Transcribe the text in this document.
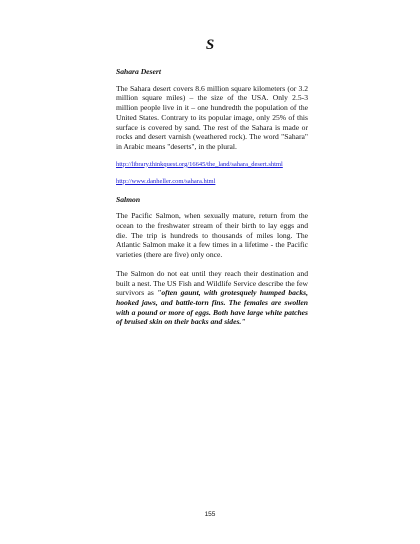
S
Sahara Desert
The Sahara desert covers 8.6 million square kilometers (or 3.2 million square miles) – the size of the USA. Only 2.5-3 million people live in it – one hundredth the population of the United States. Contrary to its popular image, only 25% of this surface is covered by sand. The rest of the Sahara is made or rocks and desert varnish (weathered rock). The word "Sahara" in Arabic means "deserts", in the plural.
http://library.thinkquest.org/16645/the_land/sahara_desert.shtml
http://www.danheller.com/sahara.html
Salmon
The Pacific Salmon, when sexually mature, return from the ocean to the freshwater stream of their birth to lay eggs and die. The trip is hundreds to thousands of miles long. The Atlantic Salmon make it a few times in a lifetime - the Pacific varieties (there are five) only once.
The Salmon do not eat until they reach their destination and built a nest. The US Fish and Wildlife Service describe the few survivors as "often gaunt, with grotesquely humped backs, hooked jaws, and battle-torn fins. The females are swollen with a pound or more of eggs. Both have large white patches of bruised skin on their backs and sides."
155
